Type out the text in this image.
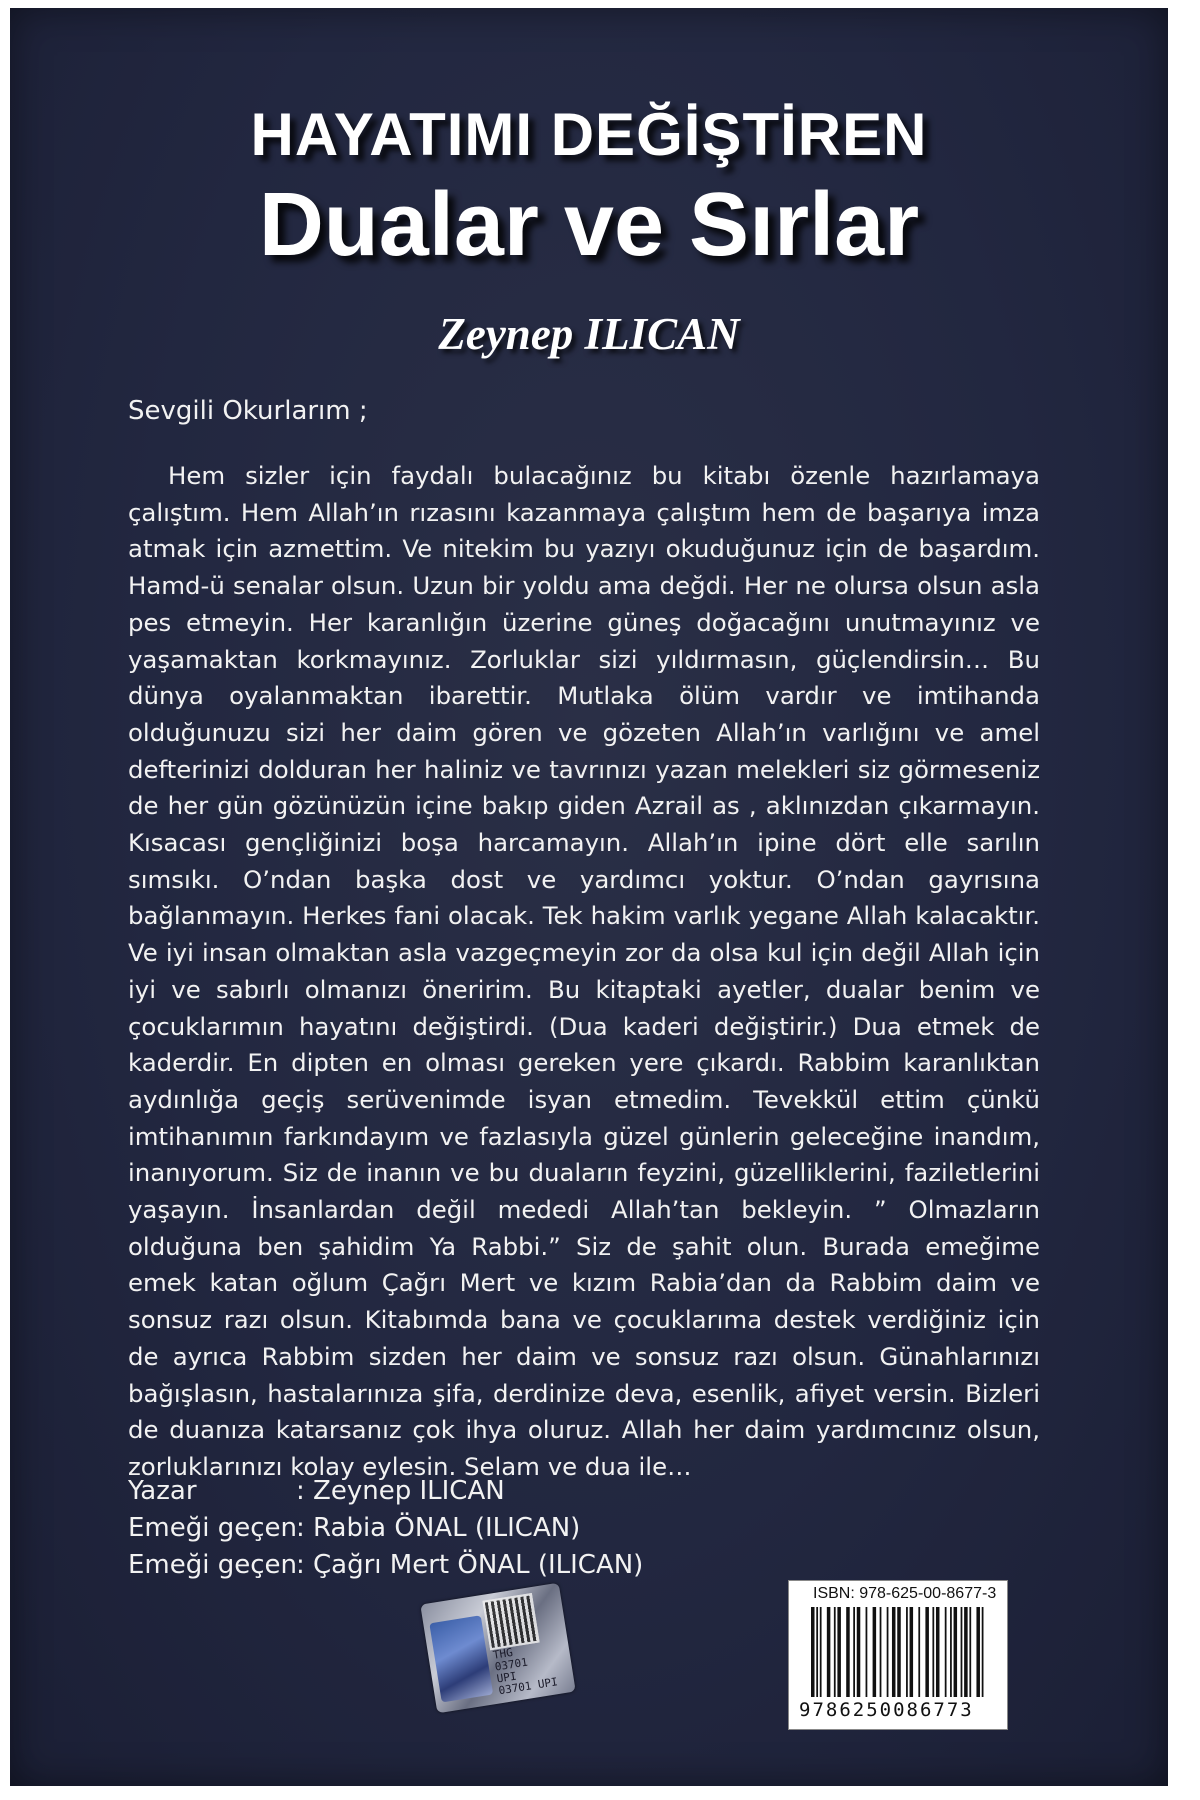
HAYATIMI DEĞİŞTİREN
Dualar ve Sırlar
Zeynep ILICAN

Sevgili Okurlarım ;

Hem sizler için faydalı bulacağınız bu kitabı özenle hazırlamaya çalıştım. Hem Allah’ın rızasını kazanmaya çalıştım hem de başarıya imza atmak için azmettim. Ve nitekim bu yazıyı okuduğunuz için de başardım. Hamd-ü senalar olsun. Uzun bir yoldu ama değdi. Her ne olursa olsun asla pes etmeyin. Her karanlığın üzerine güneş doğacağını unutmayınız ve yaşamaktan korkmayınız. Zorluklar sizi yıldırmasın, güçlendirsin… Bu dünya oyalanmaktan ibarettir. Mutlaka ölüm vardır ve imtihanda olduğunuzu sizi her daim gören ve gözeten Allah’ın varlığını ve amel defterinizi dolduran her haliniz ve tavrınızı yazan melekleri siz görmeseniz de her gün gözünüzün içine bakıp giden Azrail as , aklınızdan çıkarmayın. Kısacası gençliğinizi boşa harcamayın. Allah’ın ipine dört elle sarılın sımsıkı. O’ndan başka dost ve yardımcı yoktur. O’ndan gayrısına bağlanmayın. Herkes fani olacak. Tek hakim varlık yegane Allah kalacaktır. Ve iyi insan olmaktan asla vazgeçmeyin zor da olsa kul için değil Allah için iyi ve sabırlı olmanızı öneririm. Bu kitaptaki ayetler, dualar benim ve çocuklarımın hayatını değiştirdi. (Dua kaderi değiştirir.) Dua etmek de kaderdir. En dipten en olması gereken yere çıkardı. Rabbim karanlıktan aydınlığa geçiş serüvenimde isyan etmedim. Tevekkül ettim çünkü imtihanımın farkındayım ve fazlasıyla güzel günlerin geleceğine inandım, inanıyorum. Siz de inanın ve bu duaların feyzini, güzelliklerini, faziletlerini yaşayın. İnsanlardan değil mededi Allah’tan bekleyin. ” Olmazların olduğuna ben şahidim Ya Rabbi.” Siz de şahit olun. Burada emeğime emek katan oğlum Çağrı Mert ve kızım Rabia’dan da Rabbim daim ve sonsuz razı olsun. Kitabımda bana ve çocuklarıma destek verdiğiniz için de ayrıca Rabbim sizden her daim ve sonsuz razı olsun. Günahlarınızı bağışlasın, hastalarınıza şifa, derdinize deva, esenlik, afiyet versin. Bizleri de duanıza katarsanız çok ihya oluruz. Allah her daim yardımcınız olsun, zorluklarınızı kolay eylesin. Selam ve dua ile…

Yazar	: Zeynep ILICAN
Emeği geçen
: Rabia ÖNAL (ILICAN)
Emeği geçen
: Çağrı Mert ÖNAL (ILICAN)
THG
03701
UPI
03701 UPI
ISBN: 978-625-00-8677-3
9786250086773
